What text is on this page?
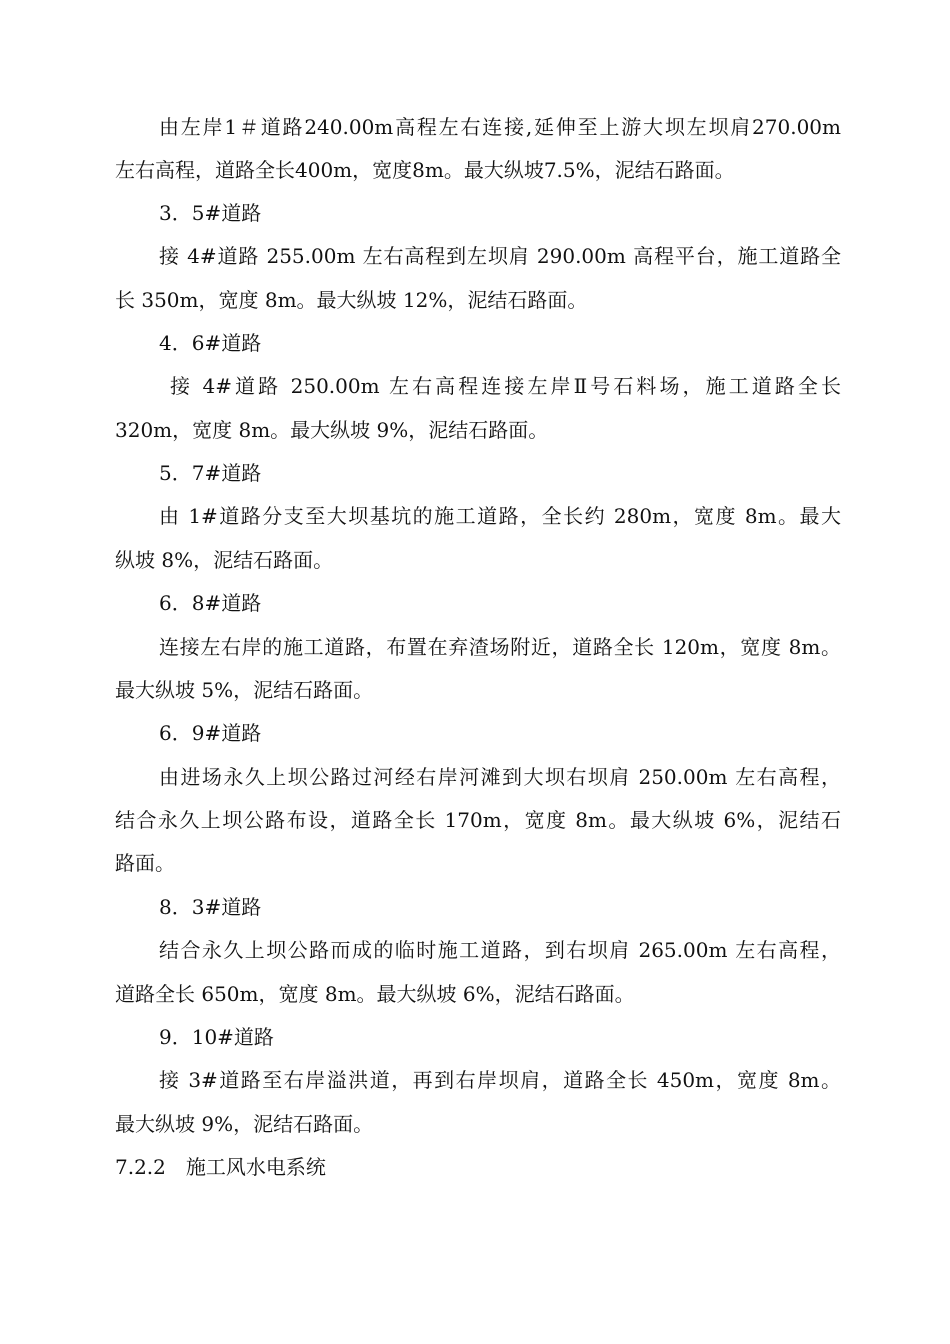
由左岸1＃道路240.00m高程左右连接,延伸至上游大坝左坝肩270.00m
左右高程，道路全长400m，宽度8m。最大纵坡7.5%，泥结石路面。
3．5#道路
接 4#道路 255.00m 左右高程到左坝肩 290.00m 高程平台，施工道路全
长 350m，宽度 8m。最大纵坡 12%，泥结石路面。
4．6#道路
接 4#道路 250.00m 左右高程连接左岸Ⅱ号石料场，施工道路全长
320m，宽度 8m。最大纵坡 9%，泥结石路面。
5．7#道路
由 1#道路分支至大坝基坑的施工道路，全长约 280m，宽度 8m。最大
纵坡 8%，泥结石路面。
6．8#道路
连接左右岸的施工道路，布置在弃渣场附近，道路全长 120m，宽度 8m。
最大纵坡 5%，泥结石路面。
6．9#道路
由进场永久上坝公路过河经右岸河滩到大坝右坝肩 250.00m 左右高程，
结合永久上坝公路布设，道路全长 170m，宽度 8m。最大纵坡 6%，泥结石
路面。
8．3#道路
结合永久上坝公路而成的临时施工道路，到右坝肩 265.00m 左右高程，
道路全长 650m，宽度 8m。最大纵坡 6%，泥结石路面。
9．10#道路
接 3#道路至右岸溢洪道，再到右岸坝肩，道路全长 450m，宽度 8m。
最大纵坡 9%，泥结石路面。
7.2.2　施工风水电系统
